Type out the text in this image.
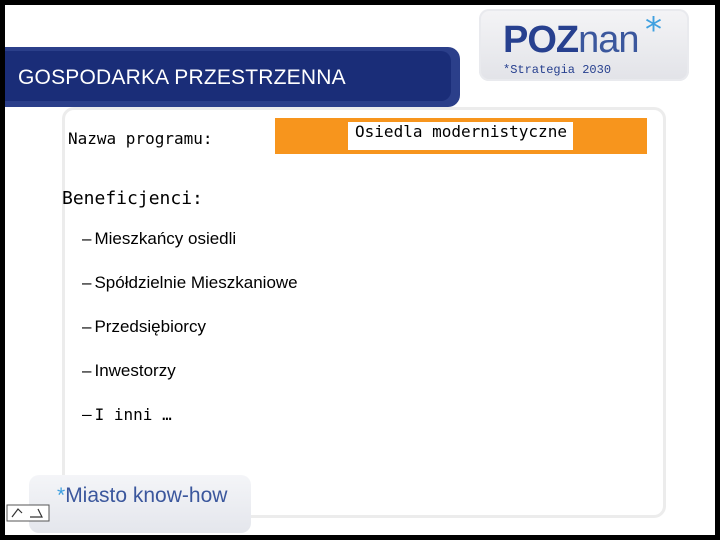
GOSPODARKA PRZESTRZENNA
POZnan *
*Strategia 2030
*Miasto know-how
Nazwa programu:	Osiedla modernistyczne
Beneficjenci:
– Mieszkańcy osiedli
– Spółdzielnie Mieszkaniowe
– Przedsiębiorcy
– Inwestorzy
– I inni …
